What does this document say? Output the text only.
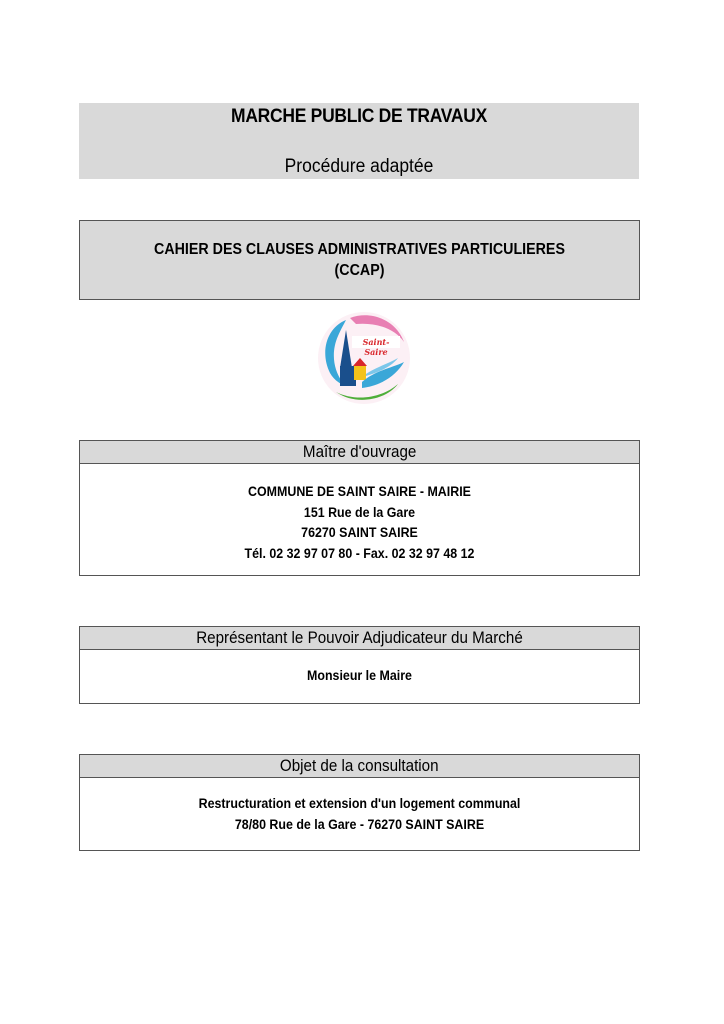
MARCHE PUBLIC DE TRAVAUX
Procédure adaptée
CAHIER DES CLAUSES ADMINISTRATIVES PARTICULIERES
(CCAP)
Saint-Saire
Maître d'ouvrage
COMMUNE DE SAINT SAIRE - MAIRIE
151 Rue de la Gare
76270 SAINT SAIRE
Tél. 02 32 97 07 80 - Fax. 02 32 97 48 12
Représentant le Pouvoir Adjudicateur du Marché
Monsieur le Maire
Objet de la consultation
Restructuration et extension d'un logement communal
78/80 Rue de la Gare - 76270 SAINT SAIRE
